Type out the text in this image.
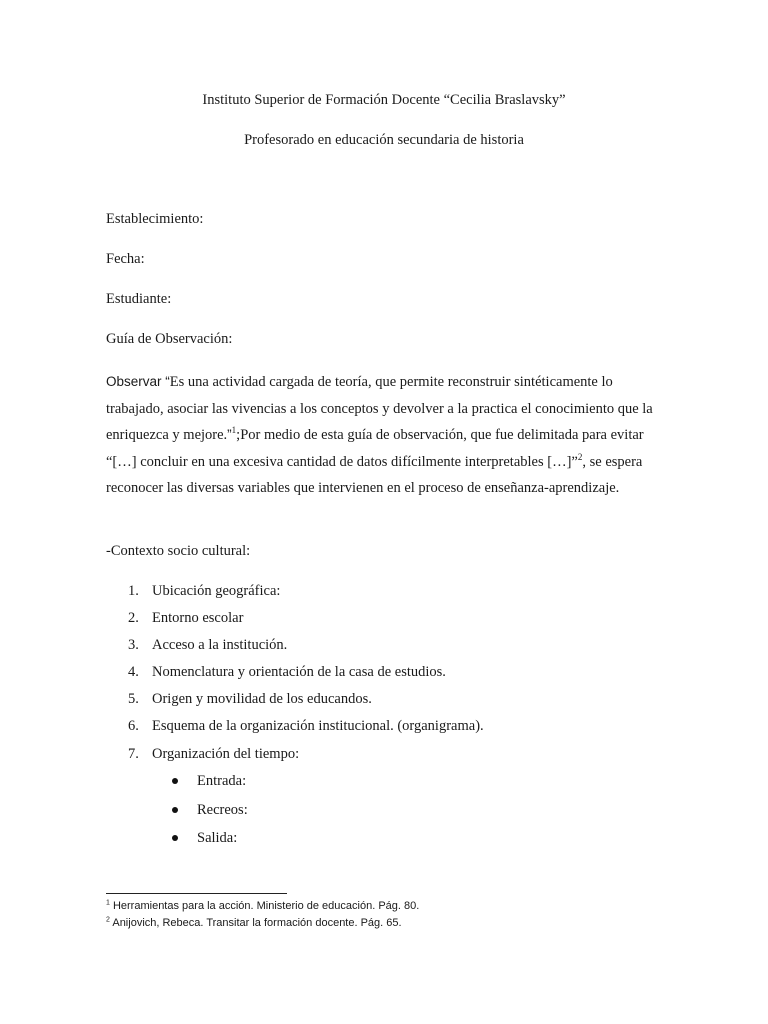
Instituto Superior de Formación Docente “Cecilia Braslavsky”
Profesorado en educación secundaria de historia

Establecimiento:

Fecha:

Estudiante:

Guía de Observación:

Observar “Es una actividad cargada de teoría, que permite reconstruir sintéticamente lo trabajado, asociar las vivencias a los conceptos y devolver a la practica el conocimiento que la enriquezca y mejore.”$^1$;Por medio de esta guía de observación, que fue delimitada para evitar “[…] concluir en una excesiva cantidad de datos difícilmente interpretables […]”$^2$, se espera reconocer las diversas variables que intervienen en el proceso de enseñanza-aprendizaje.

-Contexto socio cultural:

1. Ubicación geográfica:
2. Entorno escolar
3. Acceso a la institución.
4. Nomenclatura y orientación de la casa de estudios.
5. Origen y movilidad de los educandos.
6. Esquema de la organización institucional. (organigrama).
7. Organización del tiempo:
Entrada:
Recreos:
Salida:

$^1$ Herramientas para la acción. Ministerio de educación. Pág. 80.

$^2$ Anijovich, Rebeca. Transitar la formación docente. Pág. 65.
